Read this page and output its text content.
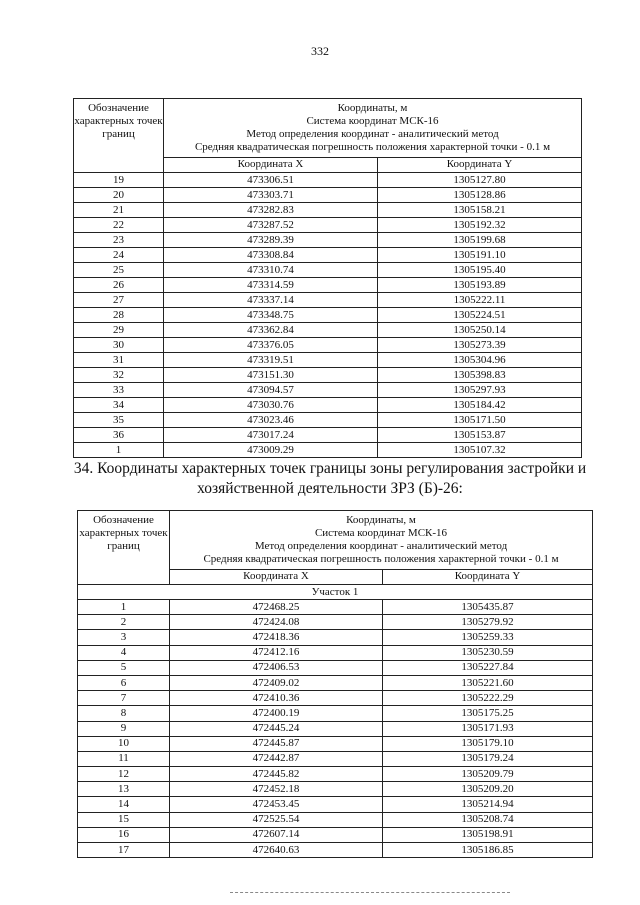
332
Обозначение характерных точек границ	Координаты, м
Система координат МСК-16
Метод определения координат - аналитический метод
Средняя квадратическая погрешность положения характерной точки - 0.1 м	

	Координата X	Координата Y
19	473306.51	1305127.80
20	473303.71	1305128.86
21	473282.83	1305158.21
22	473287.52	1305192.32
23	473289.39	1305199.68
24	473308.84	1305191.10
25	473310.74	1305195.40
26	473314.59	1305193.89
27	473337.14	1305222.11
28	473348.75	1305224.51
29	473362.84	1305250.14
30	473376.05	1305273.39
31	473319.51	1305304.96
32	473151.30	1305398.83
33	473094.57	1305297.93
34	473030.76	1305184.42
35	473023.46	1305171.50
36	473017.24	1305153.87
1	473009.29	1305107.32
34. Координаты характерных точек границы зоны регулирования застройки и
хозяйственной деятельности ЗРЗ (Б)-26:
Обозначение характерных точек границ	Координаты, м
Система координат МСК-16
Метод определения координат - аналитический метод
Средняя квадратическая погрешность положения характерной точки - 0.1 м	

	Координата X	Координата Y
Участок 1		
1	472468.25	1305435.87
2	472424.08	1305279.92
3	472418.36	1305259.33
4	472412.16	1305230.59
5	472406.53	1305227.84
6	472409.02	1305221.60
7	472410.36	1305222.29
8	472400.19	1305175.25
9	472445.24	1305171.93
10	472445.87	1305179.10
11	472442.87	1305179.24
12	472445.82	1305209.79
13	472452.18	1305209.20
14	472453.45	1305214.94
15	472525.54	1305208.74
16	472607.14	1305198.91
17	472640.63	1305186.85
